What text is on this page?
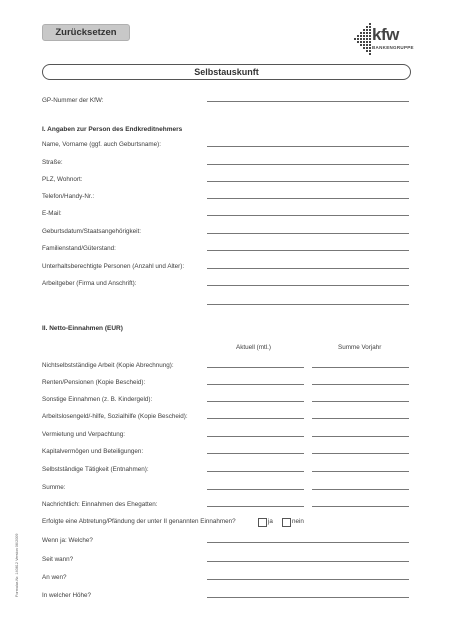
Zurücksetzen	kfw
BANKENGRUPPE
Selbstauskunft
GP-Nummer der KfW:
I. Angaben zur Person des Endkreditnehmers
Name, Vorname (ggf. auch Geburtsname):
Straße:
PLZ, Wohnort:
Telefon/Handy-Nr.:
E-Mail:
Geburtsdatum/Staatsangehörigkeit:
Familienstand/Güterstand:
Unterhaltsberechtigte Personen (Anzahl und Alter):
Arbeitgeber (Firma und Anschrift):
II. Netto-Einnahmen (EUR)
Aktuell (mtl.)	Summe Vorjahr
Nichtselbstständige Arbeit (Kopie Abrechnung):
Renten/Pensionen (Kopie Bescheid):
Sonstige Einnahmen (z. B. Kindergeld):
Arbeitslosengeld/-hilfe, Sozialhilfe (Kopie Bescheid):
Vermietung und Verpachtung:
Kapitalvermögen und Beteiligungen:
Selbstständige Tätigkeit (Entnahmen):
Summe:
Nachrichtlich: Einnahmen des Ehegatten:
Erfolgte eine Abtretung/Pfändung der unter II genannten Einnahmen?	ja	nein
Wenn ja: Welche?
Seit wann?
An wen?
In welcher Höhe?
Formular-Nr. 140812 Version 06/2009
